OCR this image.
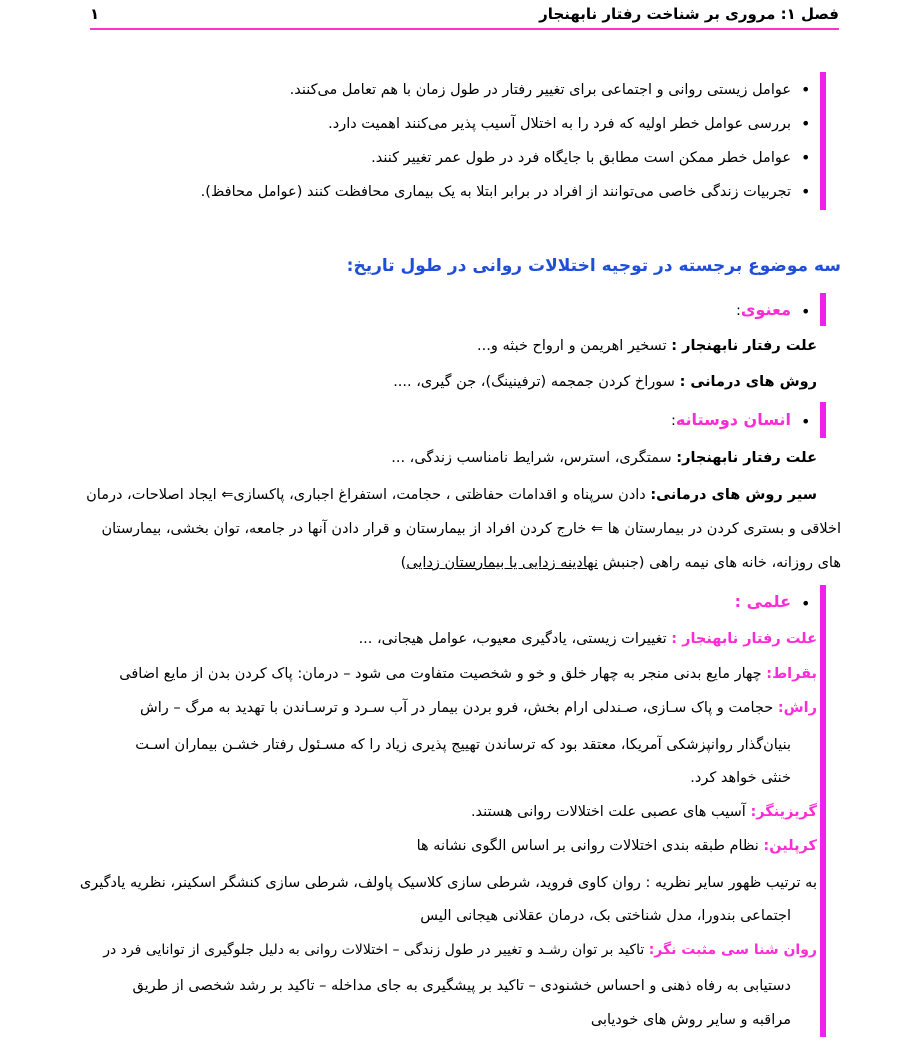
فصل ۱: مروری بر شناخت رفتار نابهنجار
۱
•
عوامل زیستی روانی و اجتماعی برای تغییر رفتار در طول زمان با هم تعامل می‌کنند.
•
بررسی عوامل خطر اولیه که فرد را به اختلال آسیب پذیر می‌کنند اهمیت دارد.
•
عوامل خطر ممکن است مطابق با جایگاه فرد در طول عمر تغییر کنند.
•
تجربیات زندگی خاصی می‌توانند از افراد در برابر ابتلا به یک بیماری محافظت کنند (عوامل محافظ).
سه موضوع برجسته در توجیه اختلالات روانی در طول تاریخ:
•
معنوی:
علت رفتار نابهنجار : تسخیر اهریمن و ارواح خبثه و...
روش های درمانی : سوراخ کردن جمجمه (ترفینینگ)، جن گیری، ....
•
انسان دوستانه:
علت رفتار نابهنجار: سمتگری، استرس، شرایط نامناسب زندگی، ...
سیر روش های درمانی: دادن سرپناه و اقدامات حفاظتی ، حجامت، استفراغ اجباری، پاکسازی⇐ ایجاد اصلاحات، درمان
اخلاقی و بستری کردن در بیمارستان ها ⇐ خارج کردن افراد از بیمارستان و قرار دادن آنها در جامعه، توان بخشی، بیمارستان
های روزانه، خانه های نیمه راهی (جنبش نهادینه زدایی یا بیمارستان زدایی)
•
علمی :
علت رفتار نابهنجار : تغییرات زیستی، یادگیری معیوب، عوامل هیجانی، ...
بقراط: چهار مایع بدنی منجر به چهار خلق و خو و شخصیت متفاوت می شود – درمان: پاک کردن بدن از مایع اضافی
راش: حجامت و پاک سـازی، صـندلی ارام بخش، فرو بردن بیمار در آب سـرد و ترسـاندن با تهدید به مرگ – راش
بنیان‌گذار روانپزشکی آمریکا، معتقد بود که ترساندن تهییج پذیری زیاد را که مسـئول رفتار خشـن بیماران اسـت
خنثی خواهد کرد.
گریزینگر: آسیب های عصبی علت اختلالات روانی هستند.
کرپلین: نظام طبقه بندی اختلالات روانی بر اساس الگوی نشانه ها
به ترتیب ظهور سایر نظریه : روان کاوی فروید، شرطی سازی کلاسیک پاولف، شرطی سازی کنشگر اسکینر، نظریه یادگیری
اجتماعی بندورا، مدل شناختی بک، درمان عقلانی هیجانی الیس
روان شنا سی مثبت نگر: تاکید بر توان رشـد و تغییر در طول زندگی – اختلالات روانی به دلیل جلوگیری از توانایی فرد در
دستیابی به رفاه ذهنی و احساس خشنودی – تاکید بر پیشگیری به جای مداخله – تاکید بر رشد شخصی از طریق
مراقبه و سایر روش های خودیابی
